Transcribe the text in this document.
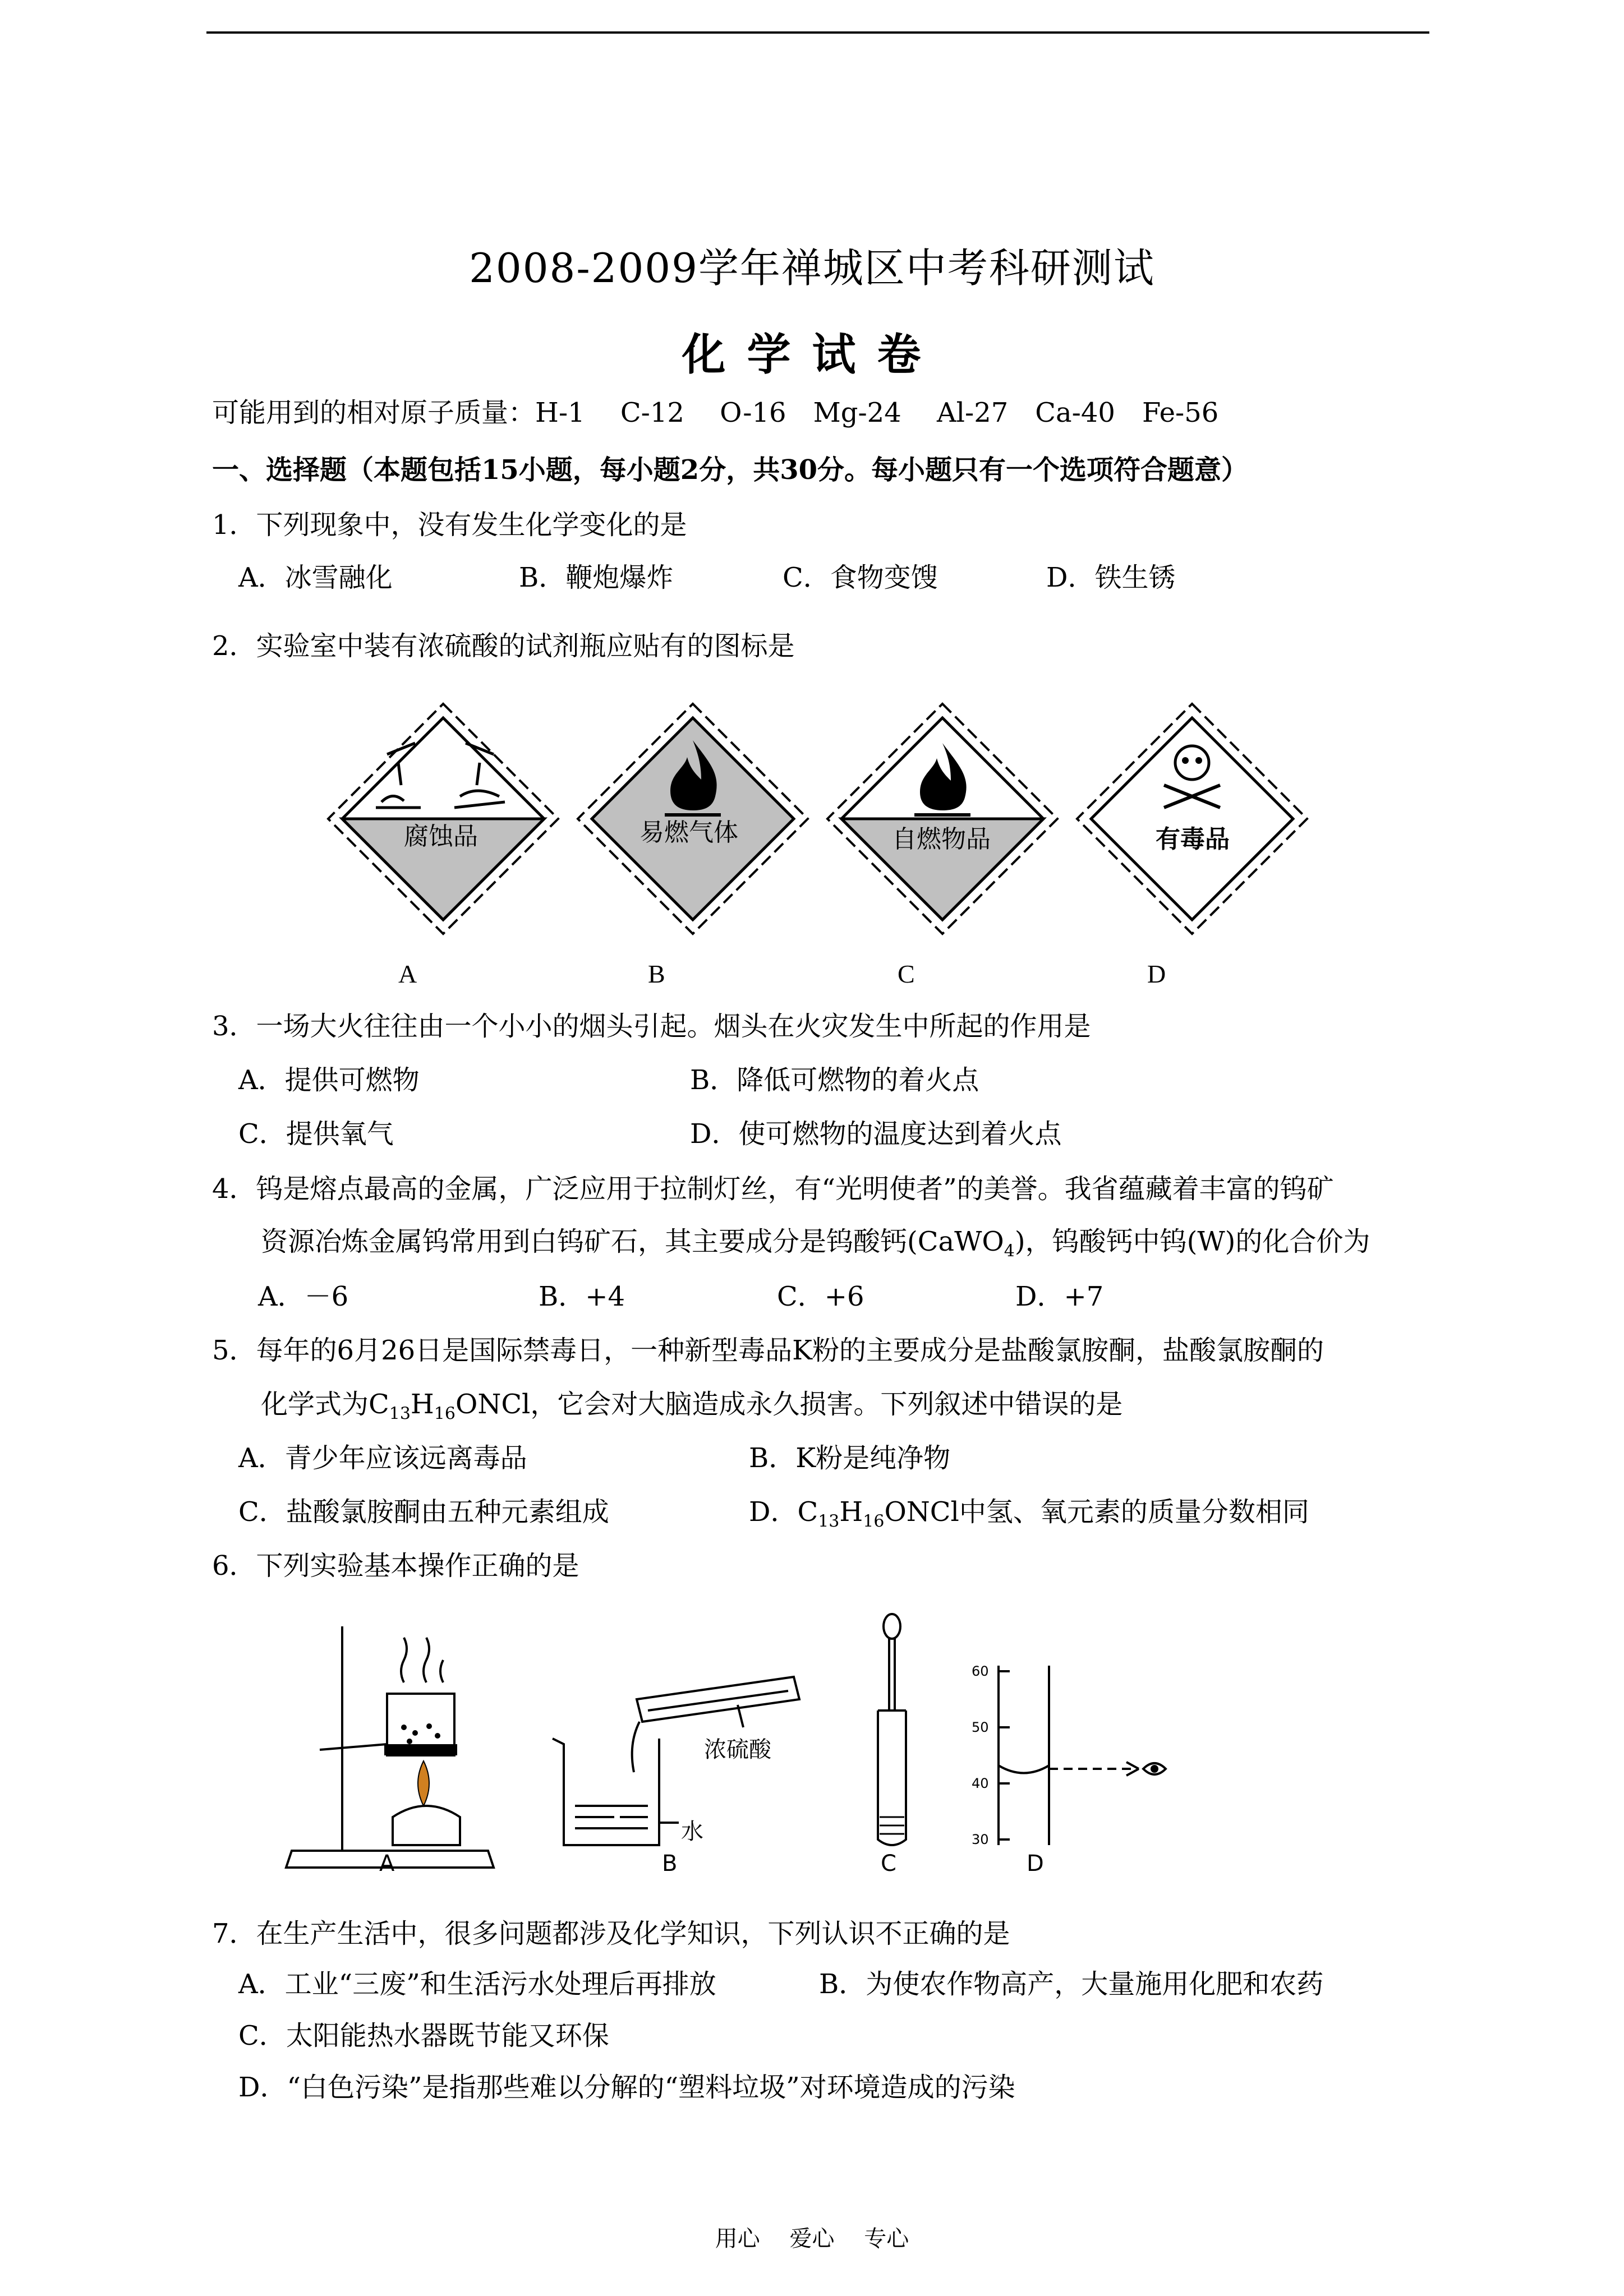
2008-2009学年禅城区中考科研测试
化学试卷
可能用到的相对原子质量：H-1　 C-12　 O-16　Mg-24　 Al-27　Ca-40　Fe-56
一、选择题（本题包括15小题，每小题2分，共30分。每小题只有一个选项符合题意）
1．下列现象中，没有发生化学变化的是
A．冰雪融化	B．鞭炮爆炸	C．食物变馊	D．铁生锈
2．实验室中装有浓硫酸的试剂瓶应贴有的图标是
腐蚀品	易燃气体	自燃物品	有毒品
A	B	C	D
3．一场大火往往由一个小小的烟头引起。烟头在火灾发生中所起的作用是
A．提供可燃物	B．降低可燃物的着火点
C．提供氧气	D．使可燃物的温度达到着火点
4．钨是熔点最高的金属，广泛应用于拉制灯丝，有“光明使者”的美誉。我省蕴藏着丰富的钨矿
资源冶炼金属钨常用到白钨矿石，其主要成分是钨酸钙(CaWO$_4$)，钨酸钙中钨(W)的化合价为
A．－6	B．+4	C．+6	D．+7
5．每年的6月26日是国际禁毒日，一种新型毒品K粉的主要成分是盐酸氯胺酮，盐酸氯胺酮的
化学式为$C_{13}H_{16}ONCl$，它会对大脑造成永久损害。下列叙述中错误的是
A．青少年应该远离毒品	B．K粉是纯净物
C．盐酸氯胺酮由五种元素组成	D．$C_{13}H_{16}ONCl$中氢、氧元素的质量分数相同
6．下列实验基本操作正确的是
A
浓硫酸
水
B	C
60
50
40
30
D
7．在生产生活中，很多问题都涉及化学知识，下列认识不正确的是
A．工业“三废”和生活污水处理后再排放	B．为使农作物高产，大量施用化肥和农药
C．太阳能热水器既节能又环保
D．“白色污染”是指那些难以分解的“塑料垃圾”对环境造成的污染
用心 爱心 专心
